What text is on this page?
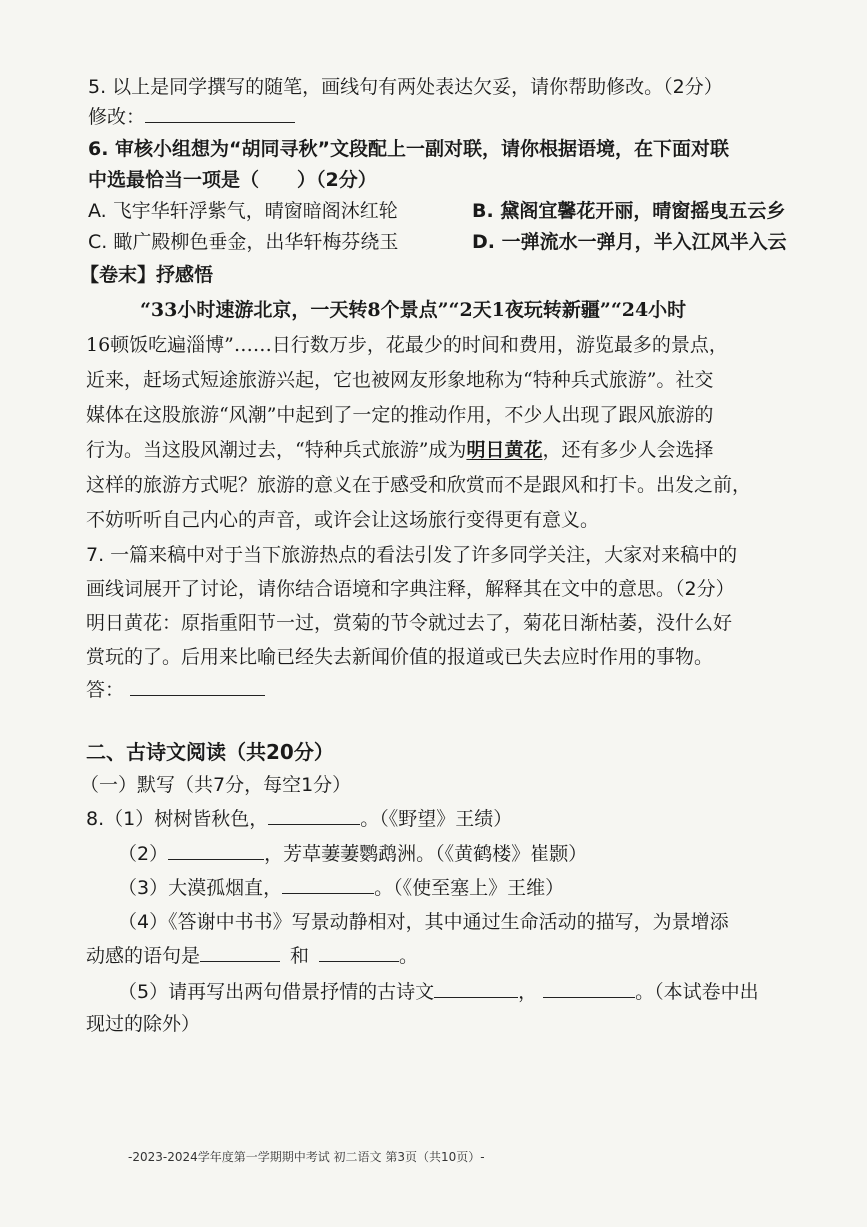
5. 以上是同学撰写的随笔，画线句有两处表达欠妥，请你帮助修改。（2分）
修改：
6. 审核小组想为“胡同寻秋”文段配上一副对联，请你根据语境，在下面对联
中选最恰当一项是（　　）（2分）
A. 飞宇华轩浮紫气，晴窗暗阁沐红轮	B. 黛阁宜馨花开丽，晴窗摇曳五云乡
C. 瞰广殿柳色垂金，出华轩梅芬绕玉	D. 一弹流水一弹月，半入江风半入云
【卷末】抒感悟
“33小时速游北京，一天转8个景点”“2天1夜玩转新疆”“24小时
16顿饭吃遍淄博”……日行数万步，花最少的时间和费用，游览最多的景点，
近来，赶场式短途旅游兴起，它也被网友形象地称为“特种兵式旅游”。社交
媒体在这股旅游“风潮”中起到了一定的推动作用，不少人出现了跟风旅游的
行为。当这股风潮过去，“特种兵式旅游”成为明日黄花，还有多少人会选择
这样的旅游方式呢？旅游的意义在于感受和欣赏而不是跟风和打卡。出发之前，
不妨听听自己内心的声音，或许会让这场旅行变得更有意义。
7. 一篇来稿中对于当下旅游热点的看法引发了许多同学关注，大家对来稿中的
画线词展开了讨论，请你结合语境和字典注释，解释其在文中的意思。（2分）
明日黄花：原指重阳节一过，赏菊的节令就过去了，菊花日渐枯萎，没什么好
赏玩的了。后用来比喻已经失去新闻价值的报道或已失去应时作用的事物。
答：
二、古诗文阅读（共20分）
（一）默写（共7分，每空1分）
8.（1）树树皆秋色，	。（《野望》王绩）
（2）	，芳草萋萋鹦鹉洲。（《黄鹤楼》崔颢）
（3）大漠孤烟直，	。（《使至塞上》王维）
（4）《答谢中书书》写景动静相对，其中通过生命活动的描写，为景增添
动感的语句是	和	。
（5）请再写出两句借景抒情的古诗文	，	。（本试卷中出
现过的除外）
-2023-2024学年度第一学期期中考试 初二语文 第3页（共10页）-
